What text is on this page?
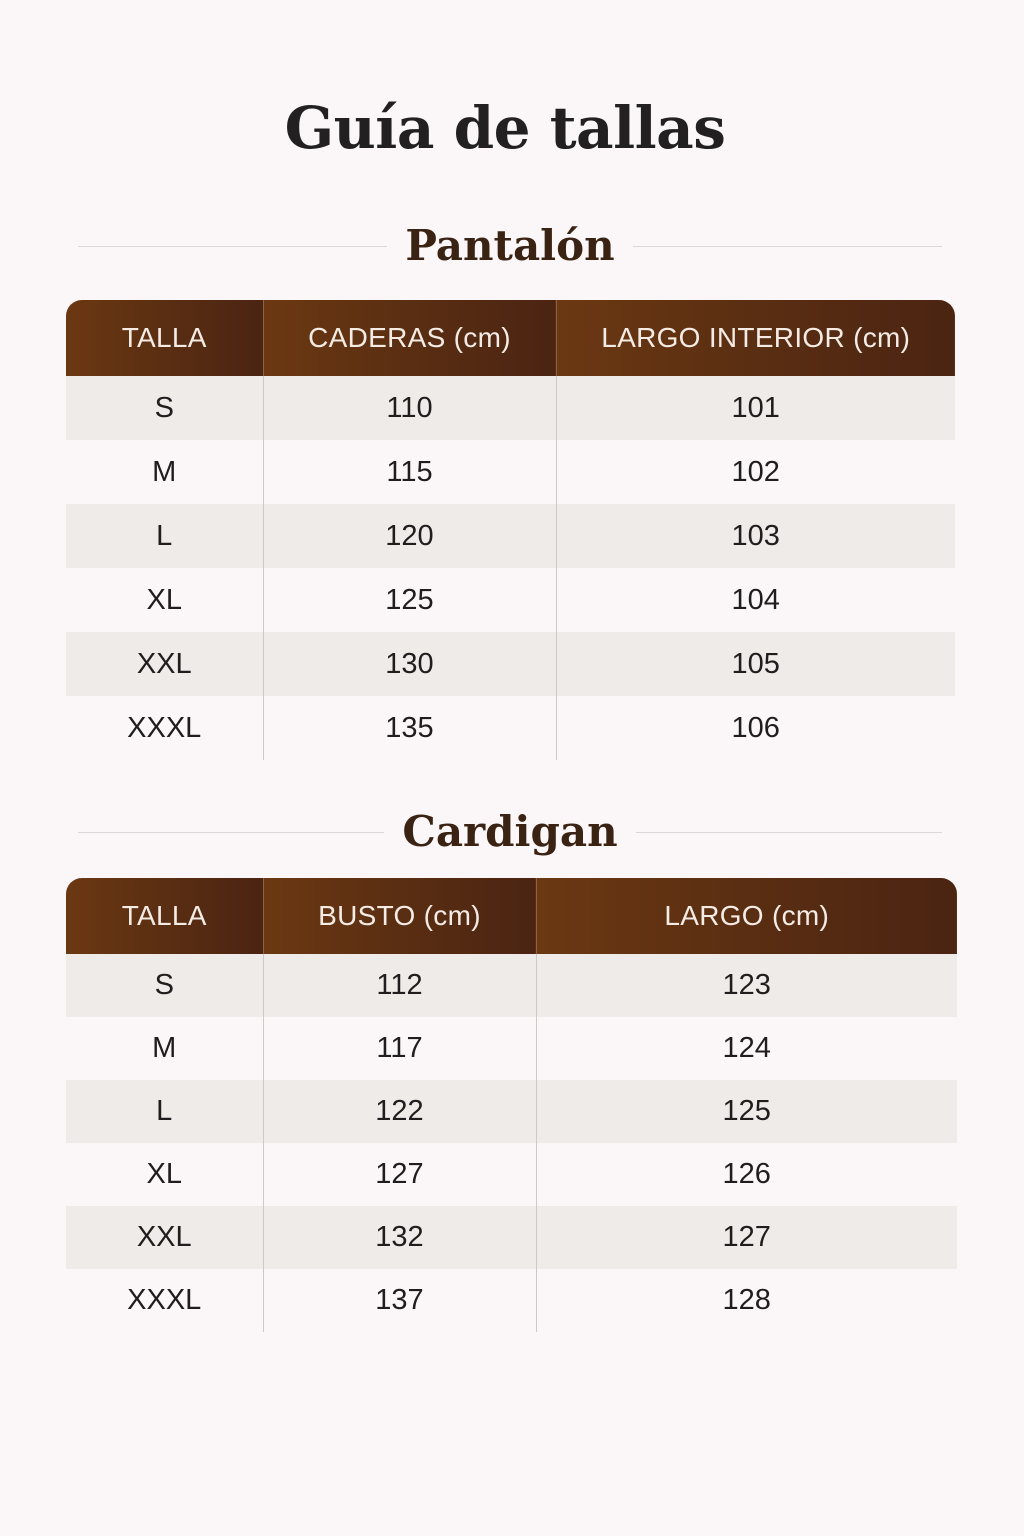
Guía de tallas
Pantalón
TALLA	CADERAS (cm)	LARGO INTERIOR (cm)
S	110	101
M	115	102
L	120	103
XL	125	104
XXL	130	105
XXXL	135	106
Cardigan
TALLA	BUSTO (cm)	LARGO (cm)
S	112	123
M	117	124
L	122	125
XL	127	126
XXL	132	127
XXXL	137	128
